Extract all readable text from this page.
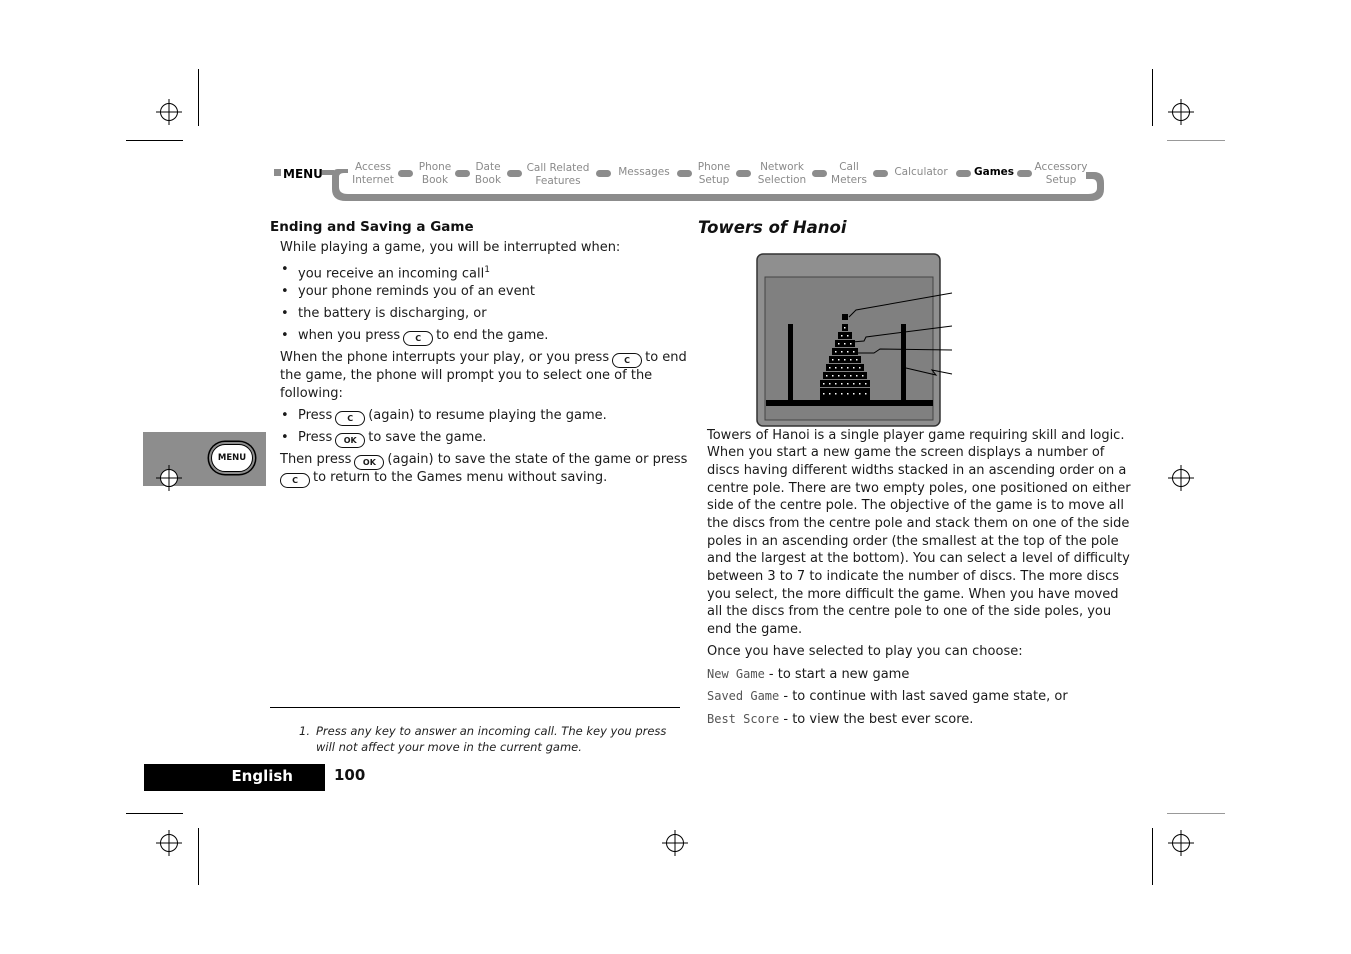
MENU	Access
Internet
Phone
Book
Date
Book
Call Related
Features
Messages	Phone
Setup
Network
Selection
Call
Meters
Calculator	Games Accessory
Setup
MENU
Ending and Saving a Game
While playing a game, you will be interrupted when:
• you receive an incoming call$^1$
• your phone reminds you of an event
• the battery is discharging, or
• when you press C to end the game.
When the phone interrupts your play, or you press C to end
the game, the phone will prompt you to select one of the
following:
• Press C (again) to resume playing the game.
• Press OK to save the game.
Then press OK (again) to save the state of the game or press
C to return to the Games menu without saving.
1. Press any key to answer an incoming call. The key you press
will not affect your move in the current game.
Towers of Hanoi
Towers of Hanoi is a single player game requiring skill and logic.
When you start a new game the screen displays a number of
discs having different widths stacked in an ascending order on a
centre pole. There are two empty poles, one positioned on either
side of the centre pole. The objective of the game is to move all
the discs from the centre pole and stack them on one of the side
poles in an ascending order (the smallest at the top of the pole
and the largest at the bottom). You can select a level of difficulty
between 3 to 7 to indicate the number of discs. The more discs
you select, the more difficult the game. When you have moved
all the discs from the centre pole to one of the side poles, you
end the game.
Once you have selected to play you can choose:
New Game - to start a new game
Saved Game - to continue with last saved game state, or
Best Score - to view the best ever score.
English	100
